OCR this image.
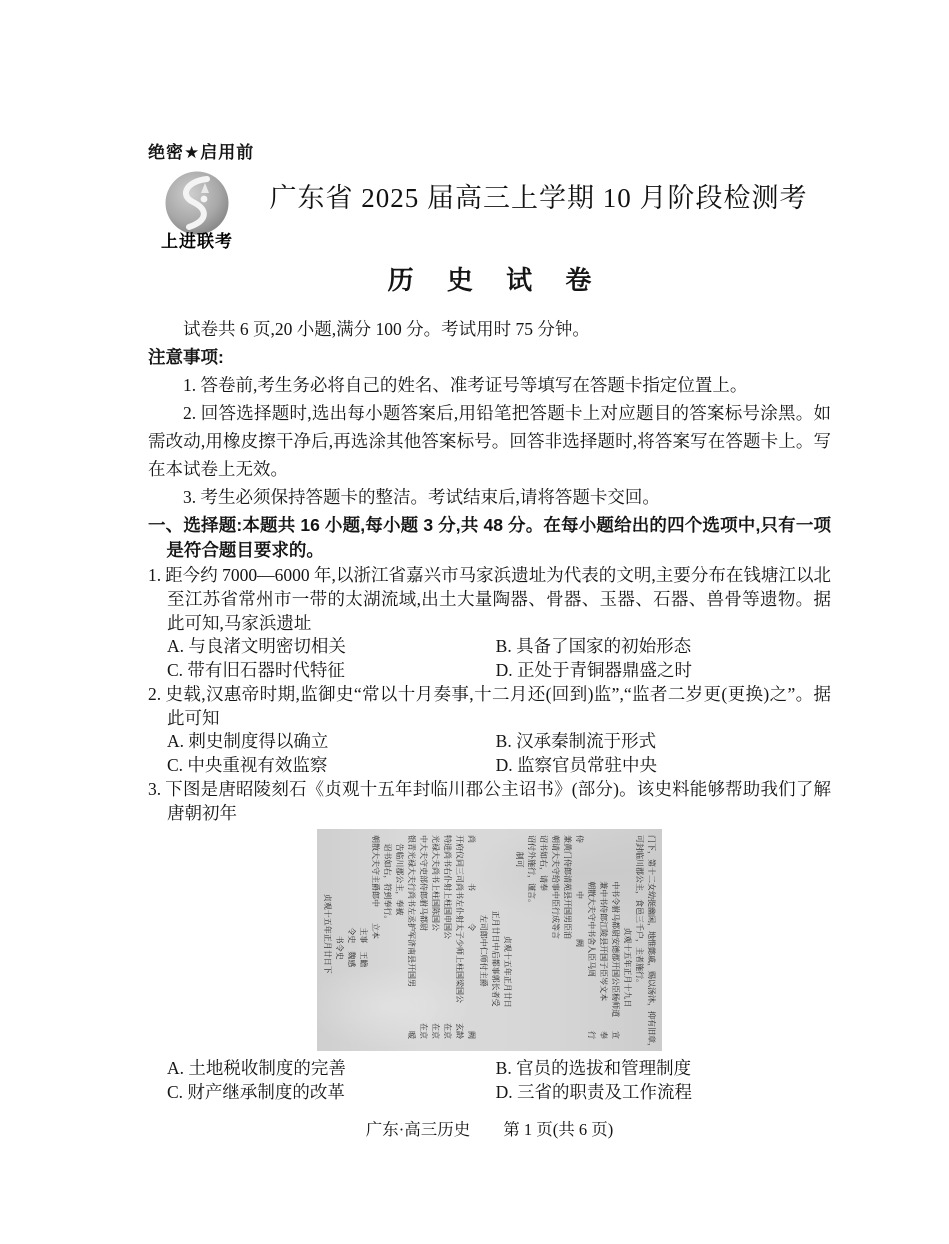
绝密★启用前
上进联考
广东省 2025 届高三上学期 10 月阶段检测考
历 史 试 卷

试卷共 6 页,20 小题,满分 100 分。考试用时 75 分钟。

注意事项:

1. 答卷前,考生务必将自己的姓名、准考证号等填写在答题卡指定位置上。

2. 回答选择题时,选出每小题答案后,用铅笔把答题卡上对应题目的答案标号涂黑。如需改动,用橡皮擦干净后,再选涂其他答案标号。回答非选择题时,将答案写在答题卡上。写在本试卷上无效。

3. 考生必须保持答题卡的整洁。考试结束后,请将答题卡交回。

一、选择题:本题共 16 小题,每小题 3 分,共 48 分。在每小题给出的四个选项中,只有一项是符合题目要求的。
1. 距今约 7000—6000 年,以浙江省嘉兴市马家浜遗址为代表的文明,主要分布在钱塘江以北至江苏省常州市一带的太湖流域,出土大量陶器、骨器、玉器、石器、兽骨等遗物。据此可知,马家浜遗址
A. 与良渚文明密切相关	B. 具备了国家的初始形态
C. 带有旧石器时代特征	D. 正处于青铜器鼎盛之时
2. 史载,汉惠帝时期,监御史“常以十月奏事,十二月还(回到)监”,“监者二岁更(更换)之”。据此可知
A. 刺史制度得以确立	B. 汉承秦制流于形式
C. 中央重视有效监察	D. 监察官员常驻中央
3. 下图是唐昭陵刻石《贞观十五年封临川郡公主诏书》(部分)。该史料能够帮助我们了解唐朝初年
门下，第十二女幼挺幽闲，地惟懿戚，赐以汤沐，抑有旧章，
可封临川郡公主，食邑三千户，主者施行。
贞观十五年正月十九日
中书令驸马都尉安德郡开国公臣杨师道
宣
兼中书侍郎江陵县开国子臣岑文本
奉
朝散大夫守中书舍人臣马周
行
侍　　　　　　中　　　　　阙
兼黄门侍郎清苑县开国男臣洎
朝请大夫守给事中臣行成等言
诏书如右，请奉
诏付外施行，谨言。
制可
贞观十五年正月廿日
正月廿日中后都事郭长者受
左司郎中仁师付主爵
尚　　　　　书　　　　令
阙
开府仪同三司尚书左仆射太子少师上柱国梁国公
玄龄
特进尚书右仆射上柱国申国公
在京
光禄大夫尚书上柱国陈国公
在京
中大夫守吏部侍郎驸马都尉
在京
银青光禄大夫行尚书左丞护军济南县开国男
暧
告临川郡公主，奉被
诏书如右，符到奉行。
朝散大夫守主爵郎中　　立本
主事　王瞻
令史　魏感
书令史
贞观十五年正月廿日下
A. 土地税收制度的完善	B. 官员的选拔和管理制度
C. 财产继承制度的改革	D. 三省的职责及工作流程
广东·高三历史　　第 1 页(共 6 页)
